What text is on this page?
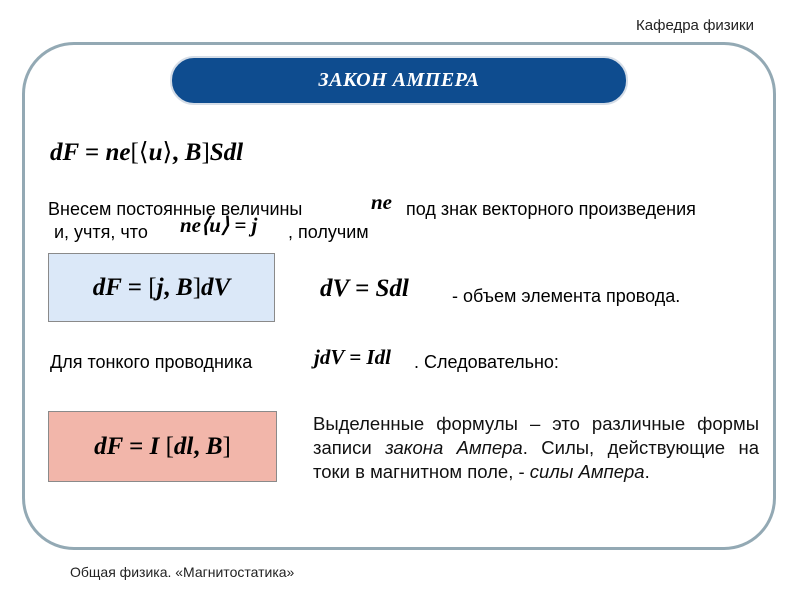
Кафедра физики
ЗАКОН АМПЕРА
dF = ne[⟨u⟩, B]Sdl
Внесем постоянные величины	ne под знак векторного произведения
и, учтя, что ne⟨u⟩ = j , получим
dF = [j, B]dV	dV = Sdl - объем элемента провода.
Для тонкого проводника	jdV = Idl . Следовательно:
dF = I [dl, B]
Выделенные формулы – это различные формы записи закона Ампера. Силы, действующие на токи в магнитном поле, - силы Ампера.
Общая физика. «Магнитостатика»
